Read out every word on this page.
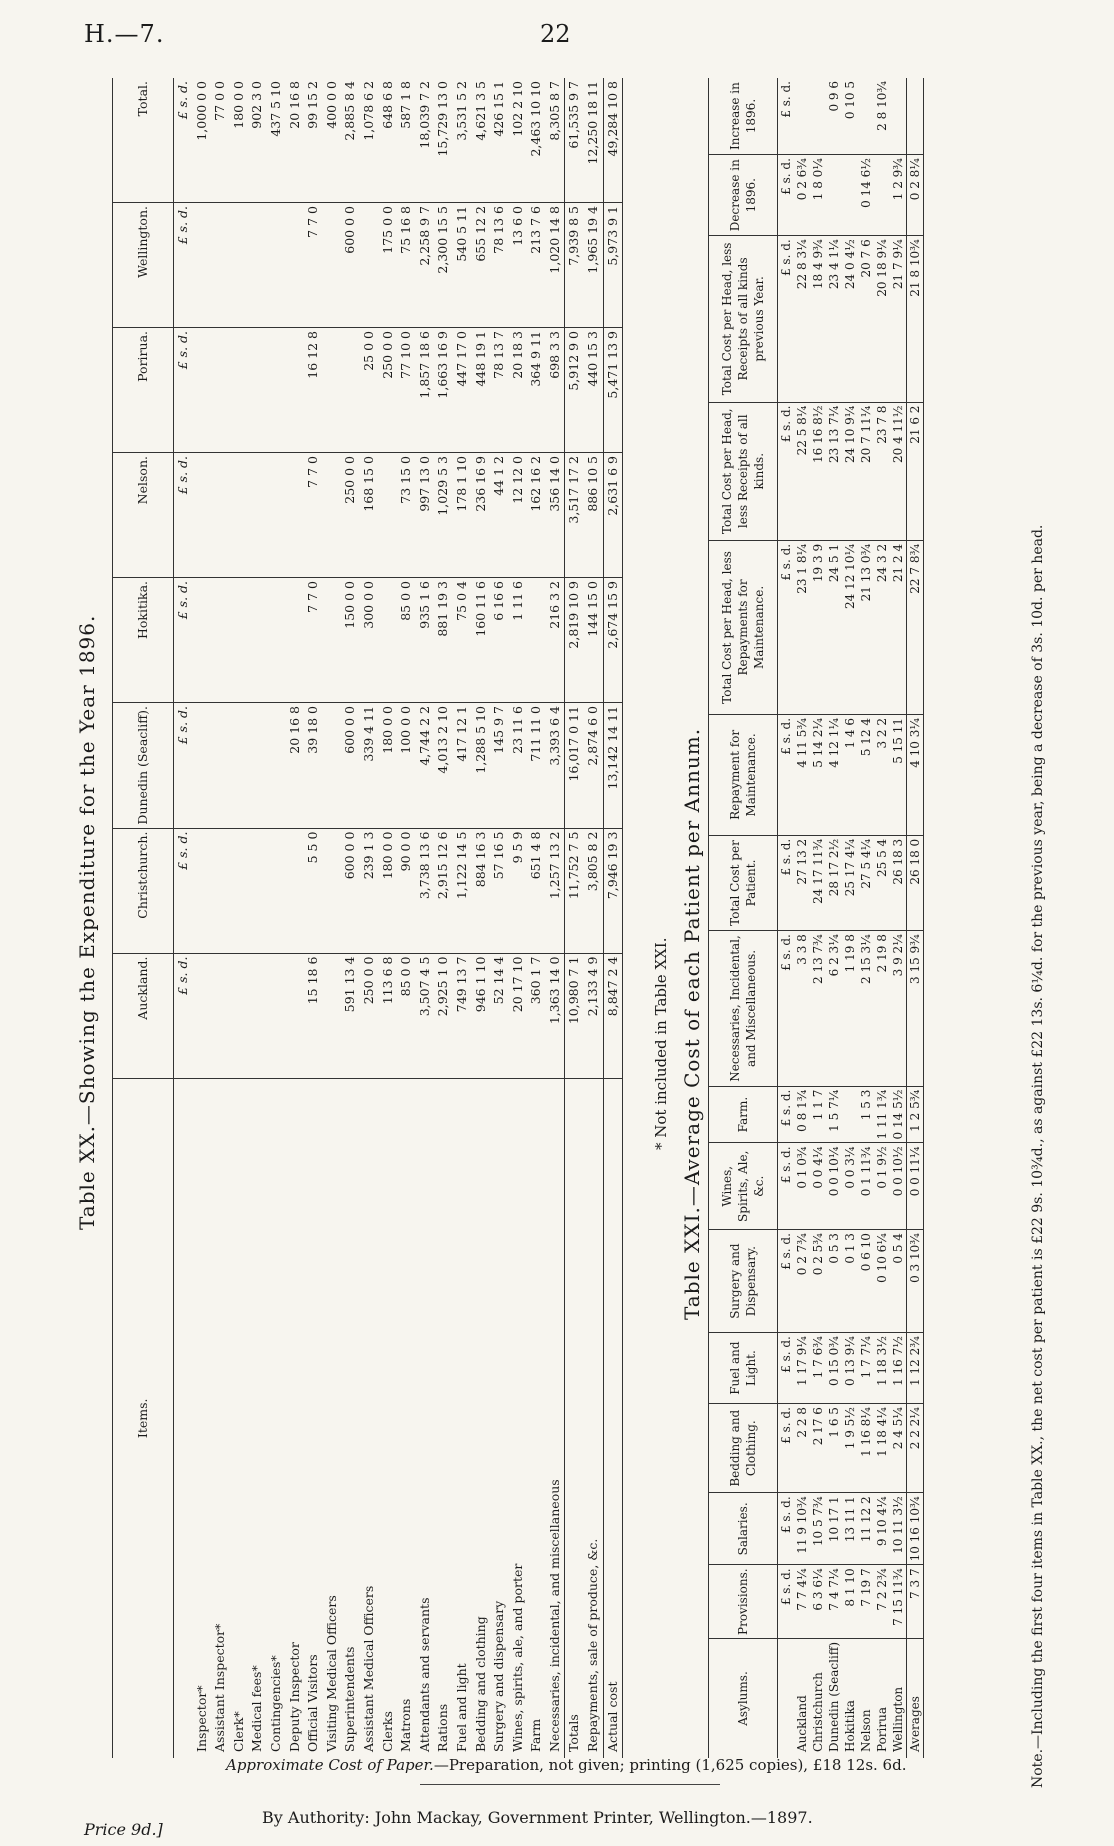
H.—7.	22
Table XX.—Showing the Expenditure for the Year 1896.
Items.	Auckland.	Christchurch.	Dunedin (Seacliff).	Hokitika.	Nelson.	Porirua.	Wellington.	Total.
	£ s. d.	£ s. d.	£ s. d.	£ s. d.	£ s. d.	£ s. d.	£ s. d.	£ s. d.
Inspector*								1,000 0 0
Assistant Inspector*								77 0 0
Clerk*								180 0 0
Medical fees*								902 3 0
Contingencies*								437 5 10
Deputy Inspector			20 16 8					20 16 8
Official Visitors	15 18 6	5 5 0	39 18 0	7 7 0	7 7 0	16 12 8	7 7 0	99 15 2
Visiting Medical Officers								400 0 0
Superintendents	591 13 4	600 0 0	600 0 0	150 0 0	250 0 0		600 0 0	2,885 8 4
Assistant Medical Officers	250 0 0	239 1 3	339 4 11	300 0 0	168 15 0	25 0 0		1,078 6 2
Clerks	113 6 8	180 0 0	180 0 0			250 0 0	175 0 0	648 6 8
Matrons	85 0 0	90 0 0	100 0 0	85 0 0	73 15 0	77 10 0	75 16 8	587 1 8
Attendants and servants	3,507 4 5	3,738 13 6	4,744 2 2	935 1 6	997 13 0	1,857 18 6	2,258 9 7	18,039 7 2
Rations	2,925 1 0	2,915 12 6	4,013 2 10	881 19 3	1,029 5 3	1,663 16 9	2,300 15 5	15,729 13 0
Fuel and light	749 13 7	1,122 14 5	417 12 1	75 0 4	178 1 10	447 17 0	540 5 11	3,531 5 2
Bedding and clothing	946 1 10	884 16 3	1,288 5 10	160 11 6	236 16 9	448 19 1	655 12 2	4,621 3 5
Surgery and dispensary	52 14 4	57 16 5	145 9 7	6 16 6	44 1 2	78 13 7	78 13 6	426 15 1
Wines, spirits, ale, and porter	20 17 10	9 5 9	23 11 6	1 11 6	12 12 0	20 18 3	13 6 0	102 2 10
Farm	360 1 7	651 4 8	711 11 0		162 16 2	364 9 11	213 7 6	2,463 10 10
Necessaries, incidental, and miscellaneous	1,363 14 0	1,257 13 2	3,393 6 4	216 3 2	356 14 0	698 3 3	1,020 14 8	8,305 8 7
Totals	10,980 7 1	11,752 7 5	16,017 0 11	2,819 10 9	3,517 17 2	5,912 9 0	7,939 8 5	61,535 9 7
Repayments, sale of produce, &c.	2,133 4 9	3,805 8 2	2,874 6 0	144 15 0	886 10 5	440 15 3	1,965 19 4	12,250 18 11
Actual cost	8,847 2 4	7,946 19 3	13,142 14 11	2,674 15 9	2,631 6 9	5,471 13 9	5,973 9 1	49,284 10 8
* Not included in Table XXI. Table XXI.—Average Cost of each Patient per Annum.
Asylums.	Provisions.	Salaries.	Bedding and Clothing.	Fuel and Light.	Surgery and Dispensary.	Wines, Spirits, Ale, &c.	Farm.	Necessaries, Incidental, and Miscellaneous.	Total Cost per Patient.	Repayment for Maintenance.	Total Cost per Head, less Repayments for Maintenance.	Total Cost per Head, less Receipts of all kinds.	Total Cost per Head, less Receipts of all kinds previous Year.	Decrease in 1896.	Increase in 1896.
	£ s. d.	£ s. d.	£ s. d.	£ s. d.	£ s. d.	£ s. d.	£ s. d.	£ s. d.	£ s. d.	£ s. d.	£ s. d.	£ s. d.	£ s. d.	£ s. d.	£ s. d.
Auckland	7 7 4¼	11 9 10¾	2 2 8	1 17 9¼	0 2 7¾	0 1 0¾	0 8 1¾	3 3 8	27 13 2	4 11 5¾	23 1 8¼	22 5 8¼	22 8 3¼	0 2 6¾	
Christchurch	6 3 6¼	10 5 7¾	2 17 6	1 7 6¾	0 2 5¾	0 0 4¼	1 1 7	2 13 7¾	24 17 11¾	5 14 2¼	19 3 9	16 16 8½	18 4 9¾	1 8 0¼	
Dunedin (Seacliff)	7 4 7¼	10 17 1	1 6 5	0 15 0¾	0 5 3	0 0 10¼	1 5 7¼	6 2 3¼	28 17 2½	4 12 1¼	24 5 1	23 13 7¼	23 4 1¼		0 9 6
Hokitika	8 1 10	13 11 1	1 9 5½	0 13 9¼	0 1 3	0 0 3¼		1 19 8	25 17 4¼	1 4 6	24 12 10¼	24 10 9¼	24 0 4½		0 10 5
Nelson	7 19 7	11 12 2	1 16 8¼	1 7 7¼	0 6 10	0 1 11¾	1 5 3	2 15 3¼	27 5 4¼	5 12 4	21 13 0¾	20 7 11¼	20 7 6	0 14 6½	
Porirua	7 2 2¾	9 10 4¼	1 18 4¼	1 18 3½	0 10 6¼	0 1 9½	1 11 1¾	2 19 8	25 5 4	3 2 2	24 3 2	23 7 8	20 18 9¼		2 8 10¾
Wellington	7 15 11¾	10 11 3½	2 4 5¼	1 16 7½	0 5 4	0 0 10½	0 14 5½	3 9 2¼	26 18 3	5 15 11	21 2 4	20 4 11½	21 7 9¼	1 2 9¾	
Averages	7 3 7	10 16 10¾	2 2 2¼	1 12 2¾	0 3 10¾	0 0 11¼	1 2 5¾	3 15 9¾	26 18 0	4 10 3¼	22 7 8¾	21 6 2	21 8 10¾	0 2 8¼	
Note.—Including the first four items in Table XX., the net cost per patient is £22 9s. 10¾d., as against £22 13s. 6¼d. for the previous year, being a decrease of 3s. 10d. per head.
Approximate Cost of Paper.—Preparation, not given; printing (1,625 copies), £18 12s. 6d.
By Authority: John Mackay, Government Printer, Wellington.—1897.
Price 9d.]
